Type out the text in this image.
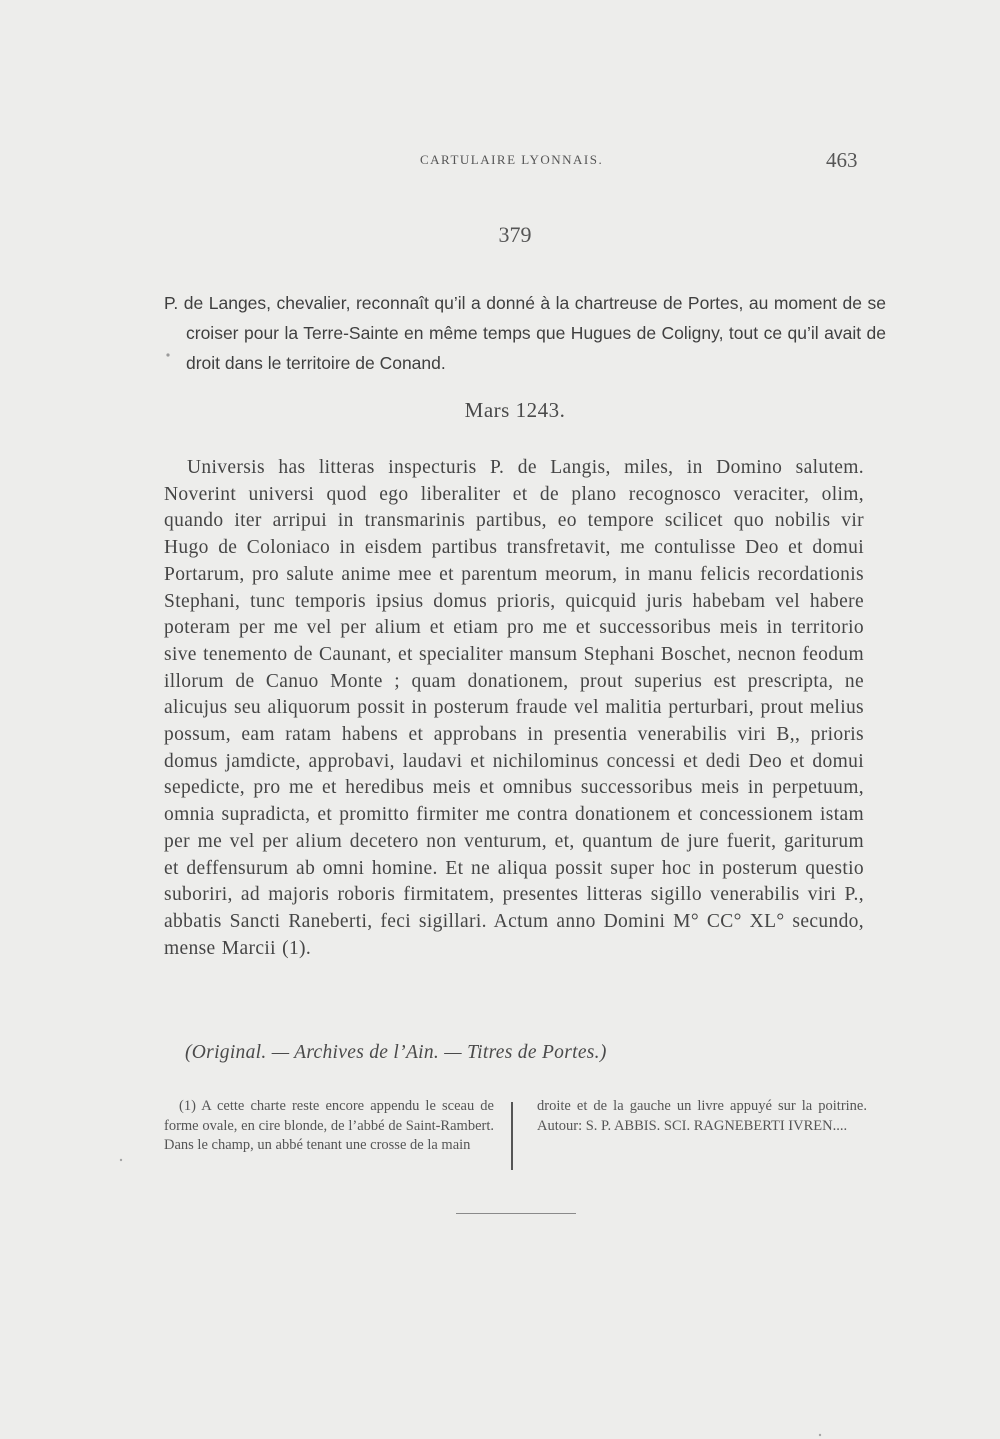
CARTULAIRE LYONNAIS.	463
379
P. de Langes, chevalier, reconnaît qu’il a donné à la chartreuse de Portes, au moment de se croiser pour la Terre-Sainte en même temps que Hugues de Coligny, tout ce qu’il avait de droit dans le territoire de Conand.
Mars 1243.

Universis has litteras inspecturis P. de Langis, miles, in Domino salutem. Noverint universi quod ego liberaliter et de plano recognosco veraciter, olim, quando iter arripui in transmarinis partibus, eo tempore scilicet quo nobilis vir Hugo de Coloniaco in eisdem partibus transfretavit, me contulisse Deo et domui Portarum, pro salute anime mee et parentum meorum, in manu felicis recordationis Stephani, tunc temporis ipsius domus prioris, quicquid juris habebam vel habere poteram per me vel per alium et etiam pro me et successoribus meis in territorio sive tenemento de Caunant, et specialiter mansum Stephani Boschet, necnon feodum illorum de Canuo Monte ; quam donationem, prout superius est prescripta, ne alicujus seu aliquorum possit in posterum fraude vel malitia perturbari, prout melius possum, eam ratam habens et approbans in presentia venerabilis viri B,, prioris domus jamdicte, approbavi, laudavi et nichilominus concessi et dedi Deo et domui sepedicte, pro me et heredibus meis et omnibus successoribus meis in perpetuum, omnia supradicta, et promitto firmiter me contra donationem et concessionem istam per me vel per alium decetero non venturum, et, quantum de jure fuerit, gariturum et deffensurum ab omni homine. Et ne aliqua possit super hoc in posterum questio suboriri, ad majoris roboris firmitatem, presentes litteras sigillo venerabilis viri P., abbatis Sancti Raneberti, feci sigillari. Actum anno Domini M° CC° XL° secundo, mense Marcii (1).

(Original. — Archives de l’Ain. — Titres de Portes.)
(1) A cette charte reste encore appendu le sceau de forme ovale, en cire blonde, de l’abbé de Saint-Rambert. Dans le champ, un abbé tenant une crosse de la main
droite et de la gauche un livre appuyé sur la poitrine. Autour: S. P. ABBIS. SCI. RAGNEBERTI IVREN....
